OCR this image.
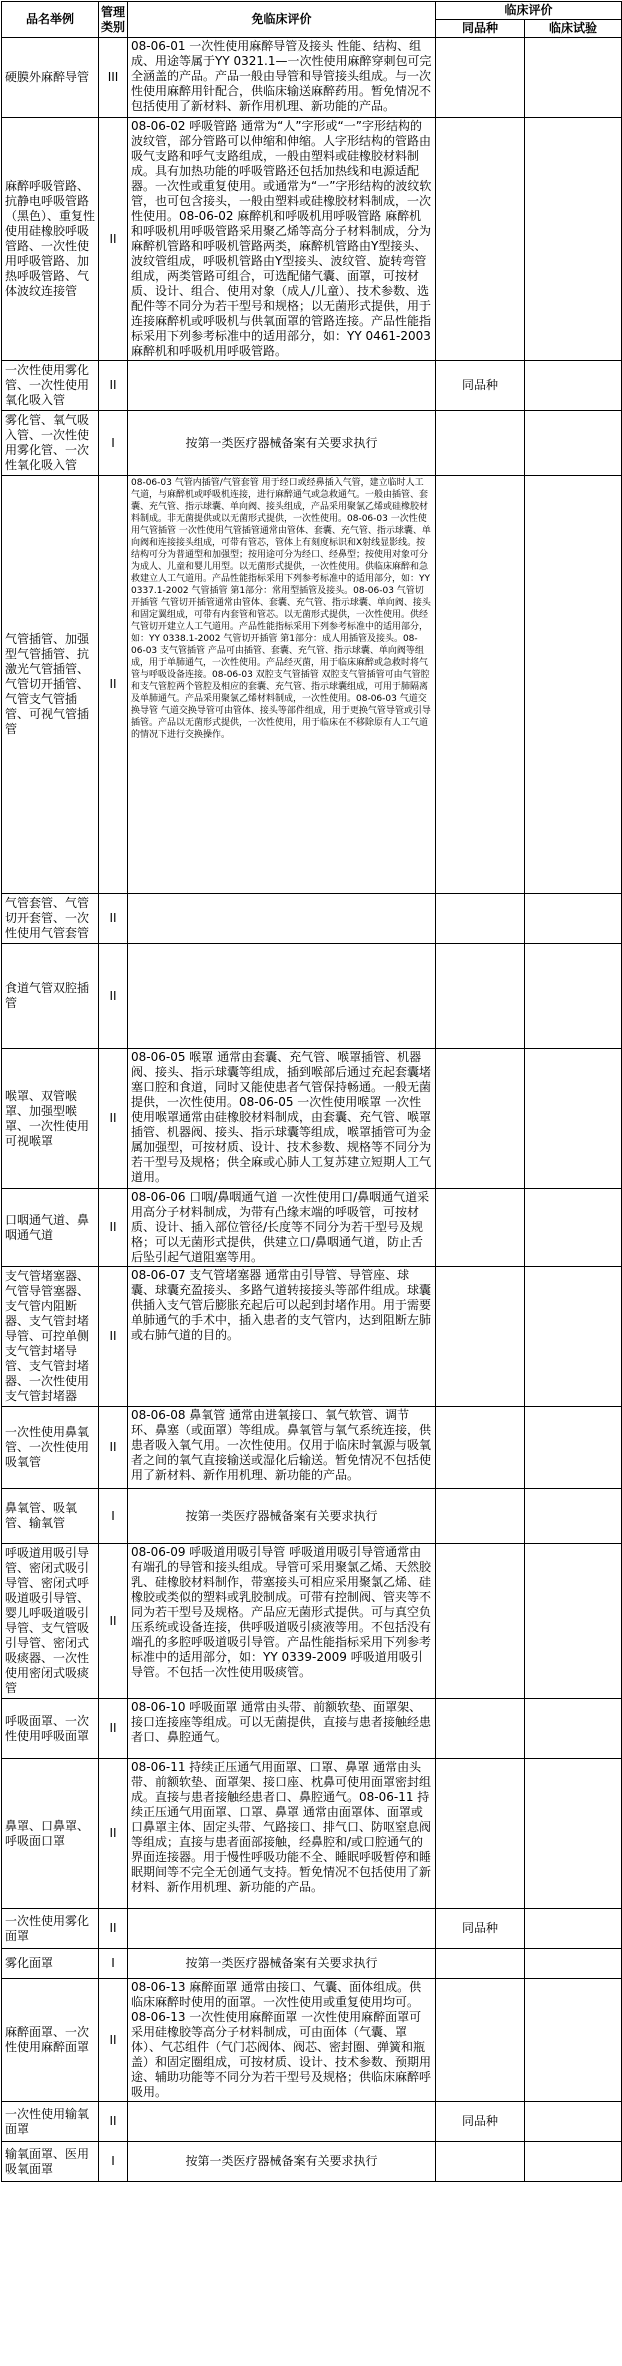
品名举例	管理类别	免临床评价	临床评价	
			同品种	临床试验
硬膜外麻醉导管	III	08-06-01 一次性使用麻醉导管及接头 性能、结构、组成、用途等属于YY 0321.1—一次性使用麻醉穿刺包可完全涵盖的产品。产品一般由导管和导管接头组成。与一次性使用麻醉用针配合，供临床输送麻醉药用。暂免情况不包括使用了新材料、新作用机理、新功能的产品。		
麻醉呼吸管路、抗静电呼吸管路（黑色）、重复性使用硅橡胶呼吸管路、一次性使用呼吸管路、加热呼吸管路、气体波纹连接管	II	08-06-02 呼吸管路 通常为“人”字形或“一”字形结构的波纹管，部分管路可以伸缩和伸缩。人字形结构的管路由吸气支路和呼气支路组成，一般由塑料或硅橡胶材料制成。具有加热功能的呼吸管路还包括加热线和电源适配器。一次性或重复使用。或通常为“一”字形结构的波纹软管，也可包含接头，一般由塑料或硅橡胶材料制成，一次性使用。08-06-02 麻醉机和呼吸机用呼吸管路 麻醉机和呼吸机用呼吸管路采用聚乙烯等高分子材料制成，分为麻醉机管路和呼吸机管路两类，麻醉机管路由Y型接头、波纹管组成，呼吸机管路由Y型接头、波纹管、旋转弯管组成，两类管路可组合，可选配储气囊、面罩，可按材质、设计、组合、使用对象（成人/儿童）、技术参数、选配件等不同分为若干型号和规格；以无菌形式提供，用于连接麻醉机或呼吸机与供氧面罩的管路连接。产品性能指标采用下列参考标准中的适用部分，如：YY 0461-2003 麻醉机和呼吸机用呼吸管路。		
一次性使用雾化管、一次性使用氧化吸入管	II		同品种	
雾化管、氧气吸入管、一次性使用雾化管、一次性氧化吸入管	I	按第一类医疗器械备案有关要求执行		
气管插管、加强型气管插管、抗激光气管插管、气管切开插管、气管支气管插管、可视气管插管	II	08-06-03 气管内插管/气管套管 用于经口或经鼻插入气管，建立临时人工气道，与麻醉机或呼吸机连接，进行麻醉通气或急救通气。一般由插管、套囊、充气管、指示球囊、单向阀、接头组成，产品采用聚氯乙烯或硅橡胶材料制成。非无菌提供或以无菌形式提供，一次性使用。08-06-03 一次性使用气管插管 一次性使用气管插管通常由管体、套囊、充气管、指示球囊、单向阀和连接接头组成，可带有管芯，管体上有刻度标识和X射线显影线。按结构可分为普通型和加强型；按用途可分为经口、经鼻型；按使用对象可分为成人、儿童和婴儿用型。以无菌形式提供，一次性使用。供临床麻醉和急救建立人工气道用。产品性能指标采用下列参考标准中的适用部分，如：YY 0337.1-2002 气管插管 第1部分：常用型插管及接头。08-06-03 气管切开插管 气管切开插管通常由管体、套囊、充气管、指示球囊、单向阀、接头和固定翼组成，可带有内套管和管芯。以无菌形式提供，一次性使用。供经气管切开建立人工气道用。产品性能指标采用下列参考标准中的适用部分，如：YY 0338.1-2002 气管切开插管 第1部分：成人用插管及接头。08-06-03 支气管插管 产品可由插管、套囊、充气管、指示球囊、单向阀等组成，用于单肺通气，一次性使用。产品经灭菌，用于临床麻醉或急救时将气管与呼吸设备连接。08-06-03 双腔支气管插管 双腔支气管插管可由气管腔和支气管腔两个管腔及相应的套囊、充气管、指示球囊组成，可用于肺隔离及单肺通气。产品采用聚氯乙烯材料制成，一次性使用。08-06-03 气道交换导管 气道交换导管可由管体、接头等部件组成，用于更换气管导管或引导插管。产品以无菌形式提供，一次性使用，用于临床在不移除原有人工气道的情况下进行交换操作。		
气管套管、气管切开套管、一次性使用气管套管	II			
食道气管双腔插管	II			
喉罩、双管喉罩、加强型喉罩、一次性使用可视喉罩	II	08-06-05 喉罩 通常由套囊、充气管、喉罩插管、机器阀、接头、指示球囊等组成，插到喉部后通过充起套囊堵塞口腔和食道，同时又能使患者气管保持畅通。一般无菌提供，一次性使用。08-06-05 一次性使用喉罩 一次性使用喉罩通常由硅橡胶材料制成，由套囊、充气管、喉罩插管、机器阀、接头、指示球囊等组成，喉罩插管可为金属加强型，可按材质、设计、技术参数、规格等不同分为若干型号及规格；供全麻或心肺人工复苏建立短期人工气道用。		
口咽通气道、鼻咽通气道	II	08-06-06 口咽/鼻咽通气道 一次性使用口/鼻咽通气道采用高分子材料制成，为带有凸缘末端的呼吸管，可按材质、设计、插入部位管径/长度等不同分为若干型号及规格；可以无菌形式提供，供建立口/鼻咽通气道，防止舌后坠引起气道阻塞等用。		
支气管堵塞器、气管导管塞器、支气管内阻断器、支气管封堵导管、可控单侧支气管封堵导管、支气管封堵器、一次性使用支气管封堵器	II	08-06-07 支气管堵塞器 通常由引导管、导管座、球囊、球囊充盈接头、多路气道转接接头等部件组成。球囊供插入支气管后膨胀充起后可以起到封堵作用。用于需要单肺通气的手术中，插入患者的支气管内，达到阻断左肺或右肺气道的目的。		
一次性使用鼻氧管、一次性使用吸氧管	II	08-06-08 鼻氧管 通常由进氧接口、氧气软管、调节环、鼻塞（或面罩）等组成。鼻氧管与氧气系统连接，供患者吸入氧气用。一次性使用。仅用于临床时氧源与吸氧者之间的氧气直接输送或湿化后输送。暂免情况不包括使用了新材料、新作用机理、新功能的产品。		
鼻氧管、吸氧管、输氧管	I	按第一类医疗器械备案有关要求执行		
呼吸道用吸引导管、密闭式吸引导管、密闭式呼吸道吸引导管、婴儿呼吸道吸引导管、支气管吸引导管、密闭式吸痰器、一次性使用密闭式吸痰管	II	08-06-09 呼吸道用吸引导管 呼吸道用吸引导管通常由有端孔的导管和接头组成。导管可采用聚氯乙烯、天然胶乳、硅橡胶材料制作，带塞接头可相应采用聚氯乙烯、硅橡胶或类似的塑料或乳胶制成。可带有控制阀、管夹等不同为若干型号及规格。产品应无菌形式提供。可与真空负压系统或设备连接，供呼吸道吸引痰液等用。不包括没有端孔的多腔呼吸道吸引导管。产品性能指标采用下列参考标准中的适用部分，如：YY 0339-2009 呼吸道用吸引导管。不包括一次性使用吸痰管。		
呼吸面罩、一次性使用呼吸面罩	II	08-06-10 呼吸面罩 通常由头带、前额软垫、面罩架、接口连接座等组成。可以无菌提供，直接与患者接触经患者口、鼻腔通气。		
鼻罩、口鼻罩、呼吸面口罩	II	08-06-11 持续正压通气用面罩、口罩、鼻罩 通常由头带、前额软垫、面罩架、接口座、枕鼻可使用面罩密封组成。直接与患者接触经患者口、鼻腔通气。08-06-11 持续正压通气用面罩、口罩、鼻罩 通常由面罩体、面罩或口鼻罩主体、固定头带、气路接口、排气口、防呕窒息阀等组成；直接与患者面部接触，经鼻腔和/或口腔通气的界面连接器。用于慢性呼吸功能不全、睡眠呼吸暂停和睡眠期间等不完全无创通气支持。暂免情况不包括使用了新材料、新作用机理、新功能的产品。		
一次性使用雾化面罩	II		同品种	
雾化面罩	I	按第一类医疗器械备案有关要求执行		
麻醉面罩、一次性使用麻醉面罩	II	08-06-13 麻醉面罩 通常由接口、气囊、面体组成。供临床麻醉时使用的面罩。一次性使用或重复使用均可。08-06-13 一次性使用麻醉面罩 一次性使用麻醉面罩可采用硅橡胶等高分子材料制成，可由面体（气囊、罩体）、气芯组件（气门芯阀体、阀芯、密封圈、弹簧和瓶盖）和固定圈组成，可按材质、设计、技术参数、预期用途、辅助功能等不同分为若干型号及规格；供临床麻醉呼吸用。		
一次性使用输氧面罩	II		同品种	
输氧面罩、医用吸氧面罩	I	按第一类医疗器械备案有关要求执行		
